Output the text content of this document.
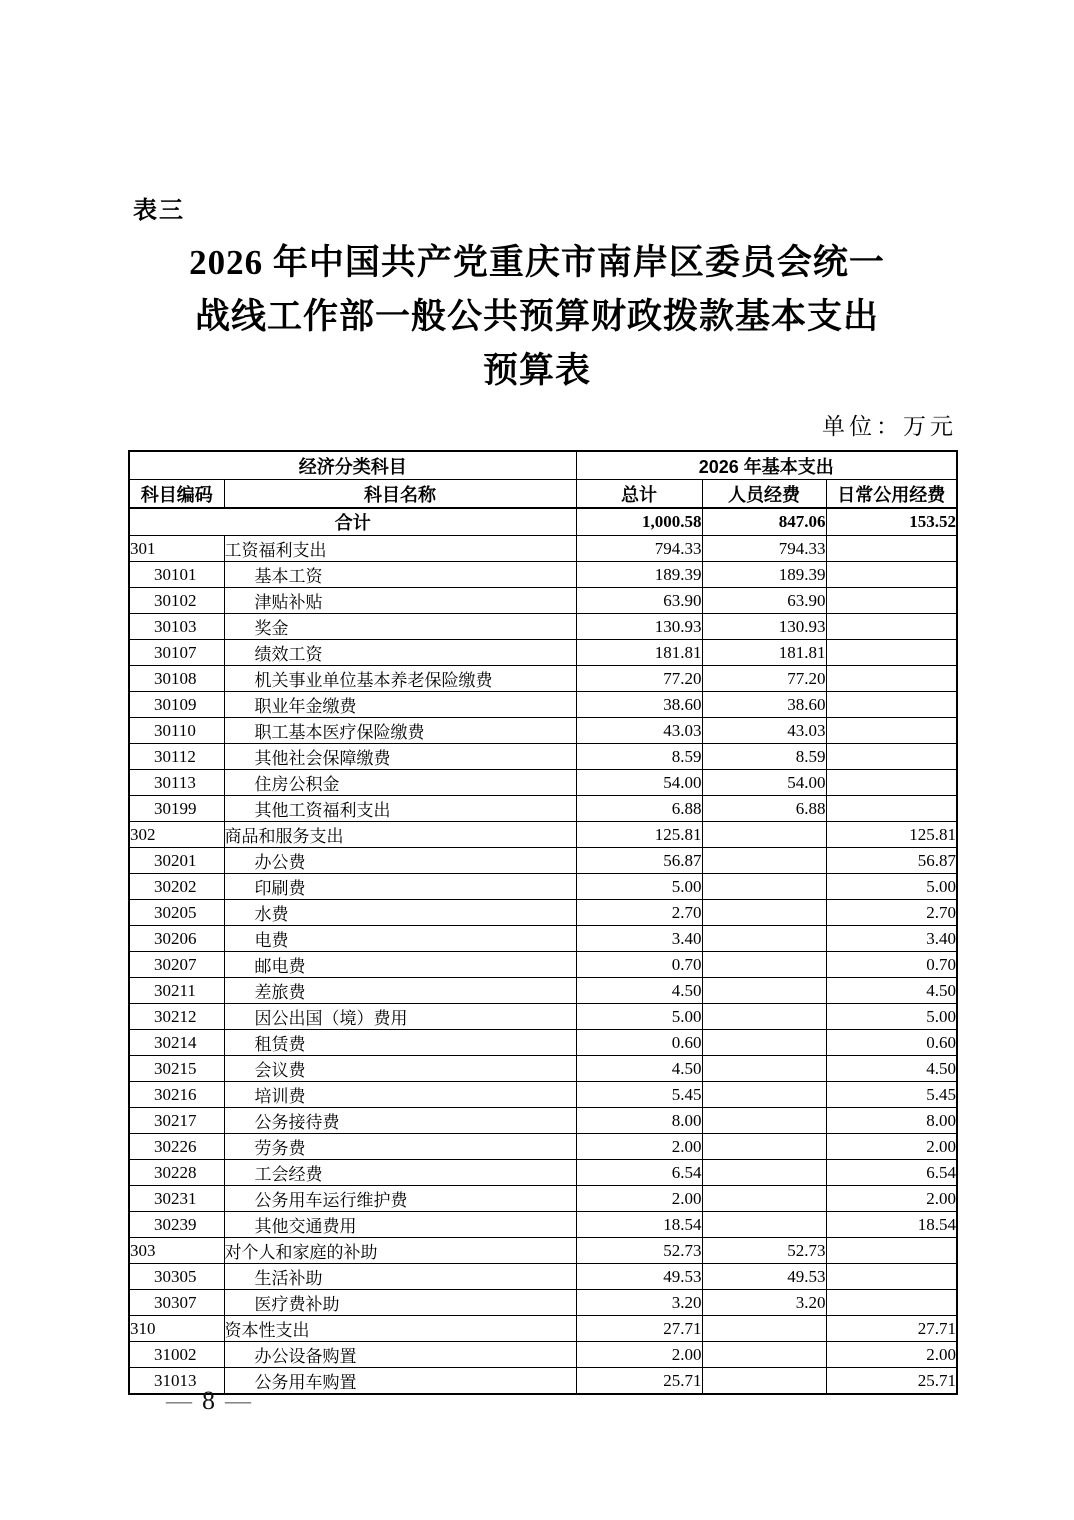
表三
2026 年中国共产党重庆市南岸区委员会统一
战线工作部一般公共预算财政拨款基本支出
预算表
单位：万元
经济分类科目		2026 年基本支出		
科目编码	科目名称	总计	人员经费	日常公用经费
合计		1,000.58	847.06	153.52
301	工资福利支出	794.33	794.33	
30101	基本工资	189.39	189.39	
30102	津贴补贴	63.90	63.90	
30103	奖金	130.93	130.93	
30107	绩效工资	181.81	181.81	
30108	机关事业单位基本养老保险缴费	77.20	77.20	
30109	职业年金缴费	38.60	38.60	
30110	职工基本医疗保险缴费	43.03	43.03	
30112	其他社会保障缴费	8.59	8.59	
30113	住房公积金	54.00	54.00	
30199	其他工资福利支出	6.88	6.88	
302	商品和服务支出	125.81		125.81
30201	办公费	56.87		56.87
30202	印刷费	5.00		5.00
30205	水费	2.70		2.70
30206	电费	3.40		3.40
30207	邮电费	0.70		0.70
30211	差旅费	4.50		4.50
30212	因公出国（境）费用	5.00		5.00
30214	租赁费	0.60		0.60
30215	会议费	4.50		4.50
30216	培训费	5.45		5.45
30217	公务接待费	8.00		8.00
30226	劳务费	2.00		2.00
30228	工会经费	6.54		6.54
30231	公务用车运行维护费	2.00		2.00
30239	其他交通费用	18.54		18.54
303	对个人和家庭的补助	52.73	52.73	
30305	生活补助	49.53	49.53	
30307	医疗费补助	3.20	3.20	
310	资本性支出	27.71		27.71
31002	办公设备购置	2.00		2.00
31013	公务用车购置	25.71		25.71
— 8 —
